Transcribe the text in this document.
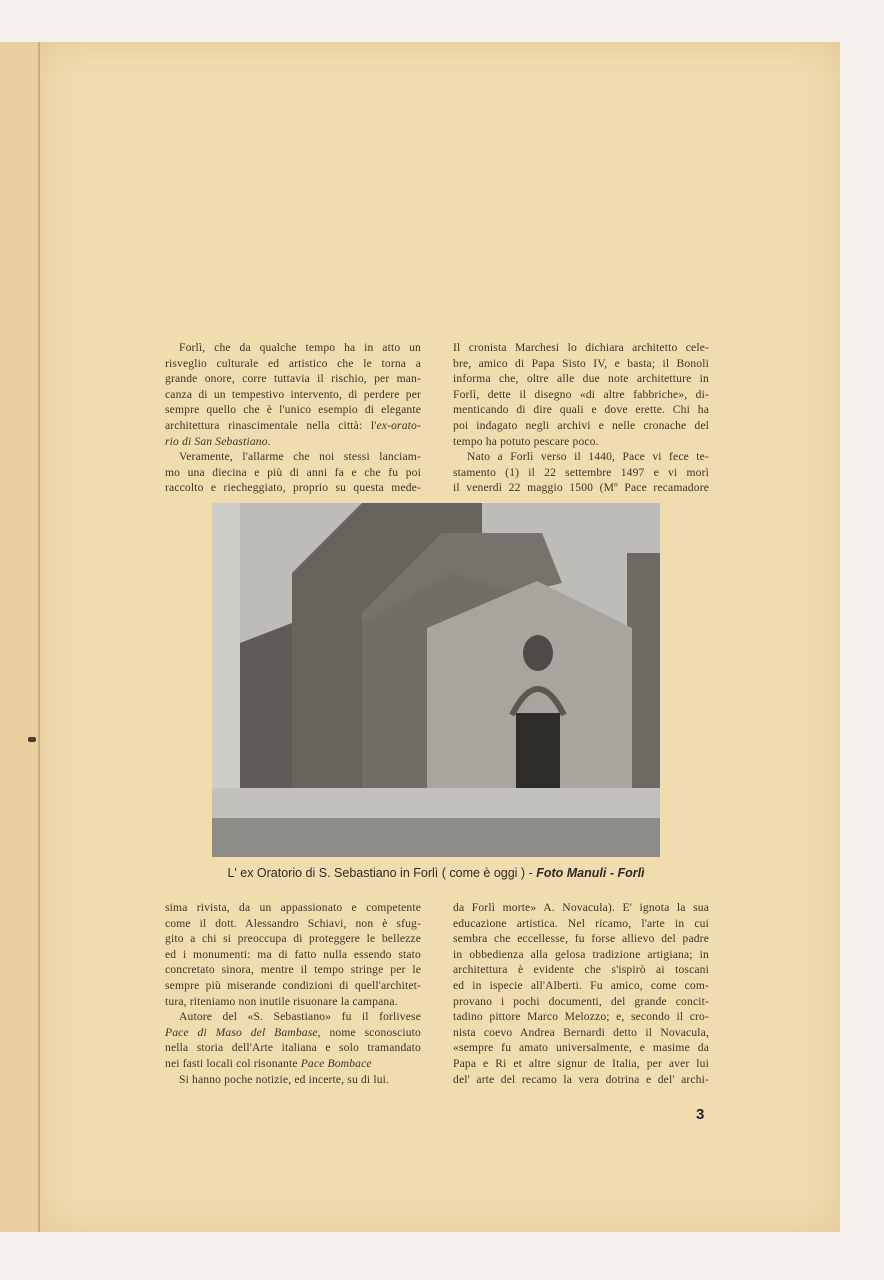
Forlì, che da qualche tempo ha in atto un
risveglio culturale ed artistico che le torna a
grande onore, corre tuttavia il rischio, per man-
canza di un tempestivo intervento, di perdere per
sempre quello che è l'unico esempio di elegante
architettura rinascimentale nella città: l'ex-orato-
rio di San Sebastiano.
Veramente, l'allarme che noi stessi lanciam-
mo una diecina e più di anni fa e che fu poi
raccolto e riecheggiato, proprio su questa mede-
Il cronista Marchesi lo dichiara architetto cele-
bre, amico di Papa Sisto IV, e basta; il Bonoli
informa che, oltre alle due note architetture in
Forlì, dette il disegno «di altre fabbriche», di-
menticando di dire quali e dove erette. Chi ha
poi indagato negli archivi e nelle cronache del
tempo ha potuto pescare poco.
Nato a Forlì verso il 1440, Pace vi fece te-
stamento (1) il 22 settembre 1497 e vi morì
il venerdì 22 maggio 1500 (Mº Pace recamadore
L' ex Oratorio di S. Sebastiano in Forlì ( come è oggi ) - Foto Manuli - Forlì
sima rivista, da un appassionato e competente
come il dott. Alessandro Schiavi, non è sfug-
gito a chi si preoccupa di proteggere le bellezze
ed i monumenti: ma di fatto nulla essendo stato
concretato sinora, mentre il tempo stringe per le
sempre più miserande condizioni di quell'architet-
tura, riteniamo non inutile risuonare la campana.
Autore del «S. Sebastiano» fu il forlivese
Pace di Maso del Bambase, nome sconosciuto
nella storia dell'Arte italiana e solo tramandato
nei fasti locali col risonante Pace Bombace
Si hanno poche notizie, ed incerte, su di lui.
da Forlì morte» A. Novacula). E' ignota la sua
educazione artistica. Nel ricamo, l'arte in cui
sembra che eccellesse, fu forse allievo del padre
in obbedienza alla gelosa tradizione artigiana; in
architettura è evidente che s'ispirò ai toscani
ed in ispecie all'Alberti. Fu amico, come com-
provano i pochi documenti, del grande concit-
tadino pittore Marco Melozzo; e, secondo il cro-
nista coevo Andrea Bernardi detto il Novacula,
«sempre fu amato universalmente, e masime da
Papa e Ri et altre signur de Italia, per aver lui
del' arte del recamo la vera dotrina e del' archi-
3
